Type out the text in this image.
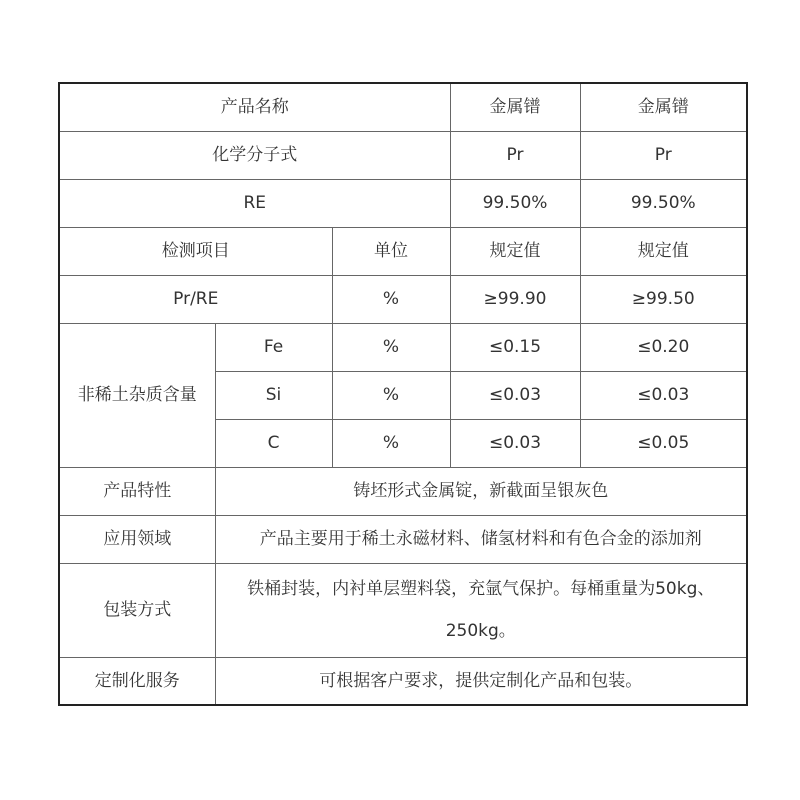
产品名称			金属镨	金属镨
化学分子式			Pr	Pr
RE			99.50%	99.50%
检测项目		单位	规定值	规定值
Pr/RE		%	≥99.90	≥99.50
非稀土杂质含量	Fe	%	≤0.15	≤0.20
	Si	%	≤0.03	≤0.03
	C	%	≤0.03	≤0.05
产品特性	铸坯形式金属锭，新截面呈银灰色			
应用领域	产品主要用于稀土永磁材料、储氢材料和有色合金的添加剂			
包装方式	铁桶封装，内衬单层塑料袋，充氩气保护。每桶重量为50kg、250kg。			
定制化服务	可根据客户要求，提供定制化产品和包装。			
